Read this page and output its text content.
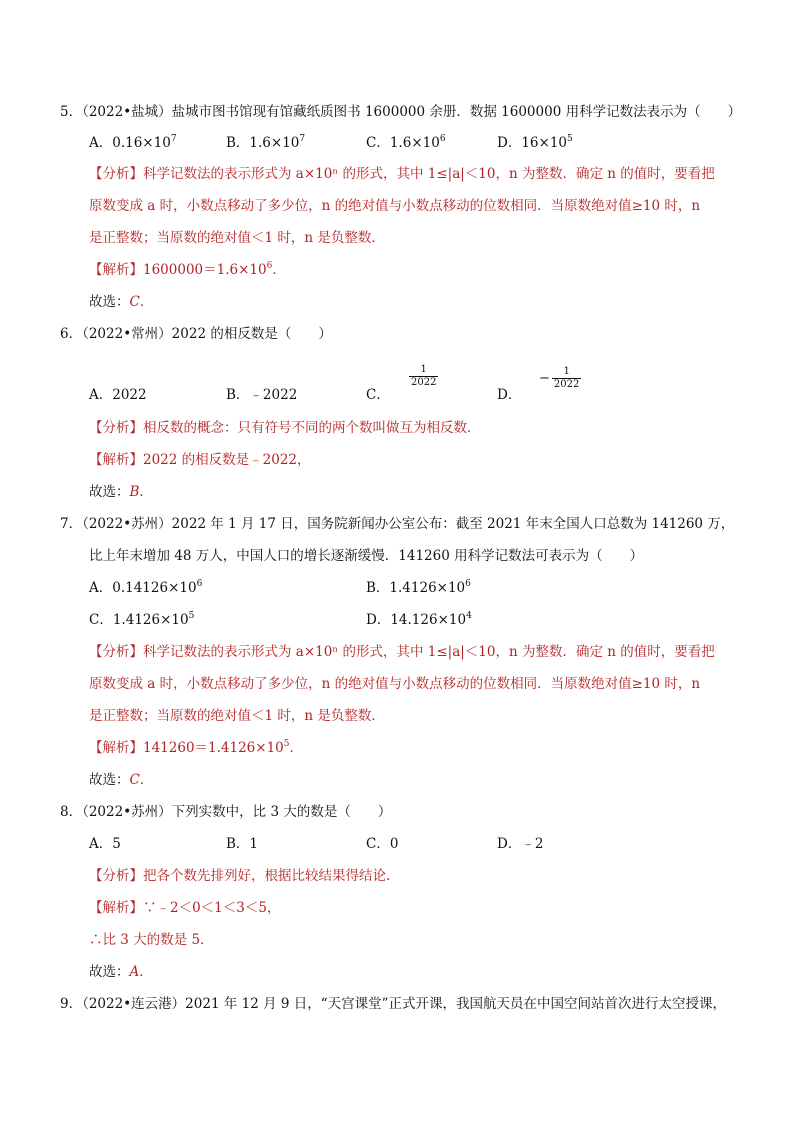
5．（2022•盐城）盐城市图书馆现有馆藏纸质图书 1600000 余册．数据 1600000 用科学记数法表示为（　　）
A．$0.16\times 10^7$	B．$1.6\times 10^7$	C．$1.6\times 10^6$	D．$16\times 10^5$
【分析】科学记数法的表示形式为 a×10ⁿ 的形式，其中 1≤|a|＜10，n 为整数．确定 n 的值时，要看把
原数变成 a 时，小数点移动了多少位，n 的绝对值与小数点移动的位数相同．当原数绝对值≥10 时，n
是正整数；当原数的绝对值＜1 时，n 是负整数．
【解析】$1600000=1.6\times 10^6$．
故选：C．
6．（2022•常州）2022 的相反数是（　　）
A．2022	B．﹣2022	C．
$\frac{1}{2022}$
D．
− $\frac{1}{2022}$
【分析】相反数的概念：只有符号不同的两个数叫做互为相反数．
【解析】2022 的相反数是﹣2022，
故选：B．
7．（2022•苏州）2022 年 1 月 17 日，国务院新闻办公室公布：截至 2021 年末全国人口总数为 141260 万，
比上年末增加 48 万人，中国人口的增长逐渐缓慢．141260 用科学记数法可表示为（　　）
A．$0.14126\times 10^6$	B．$1.4126\times 10^6$
C．$1.4126\times 10^5$	D．$14.126\times 10^4$
【分析】科学记数法的表示形式为 a×10ⁿ 的形式，其中 1≤|a|＜10，n 为整数．确定 n 的值时，要看把
原数变成 a 时，小数点移动了多少位，n 的绝对值与小数点移动的位数相同．当原数绝对值≥10 时，n
是正整数；当原数的绝对值＜1 时，n 是负整数．
【解析】$141260=1.4126\times 10^5$．
故选：C．
8．（2022•苏州）下列实数中，比 3 大的数是（　　）
A．5	B．1	C．0	D．﹣2
【分析】把各个数先排列好，根据比较结果得结论．
【解析】∵﹣2＜0＜1＜3＜5，
∴比 3 大的数是 5．
故选：A．
9．（2022•连云港）2021 年 12 月 9 日，“天宫课堂”正式开课，我国航天员在中国空间站首次进行太空授课，
